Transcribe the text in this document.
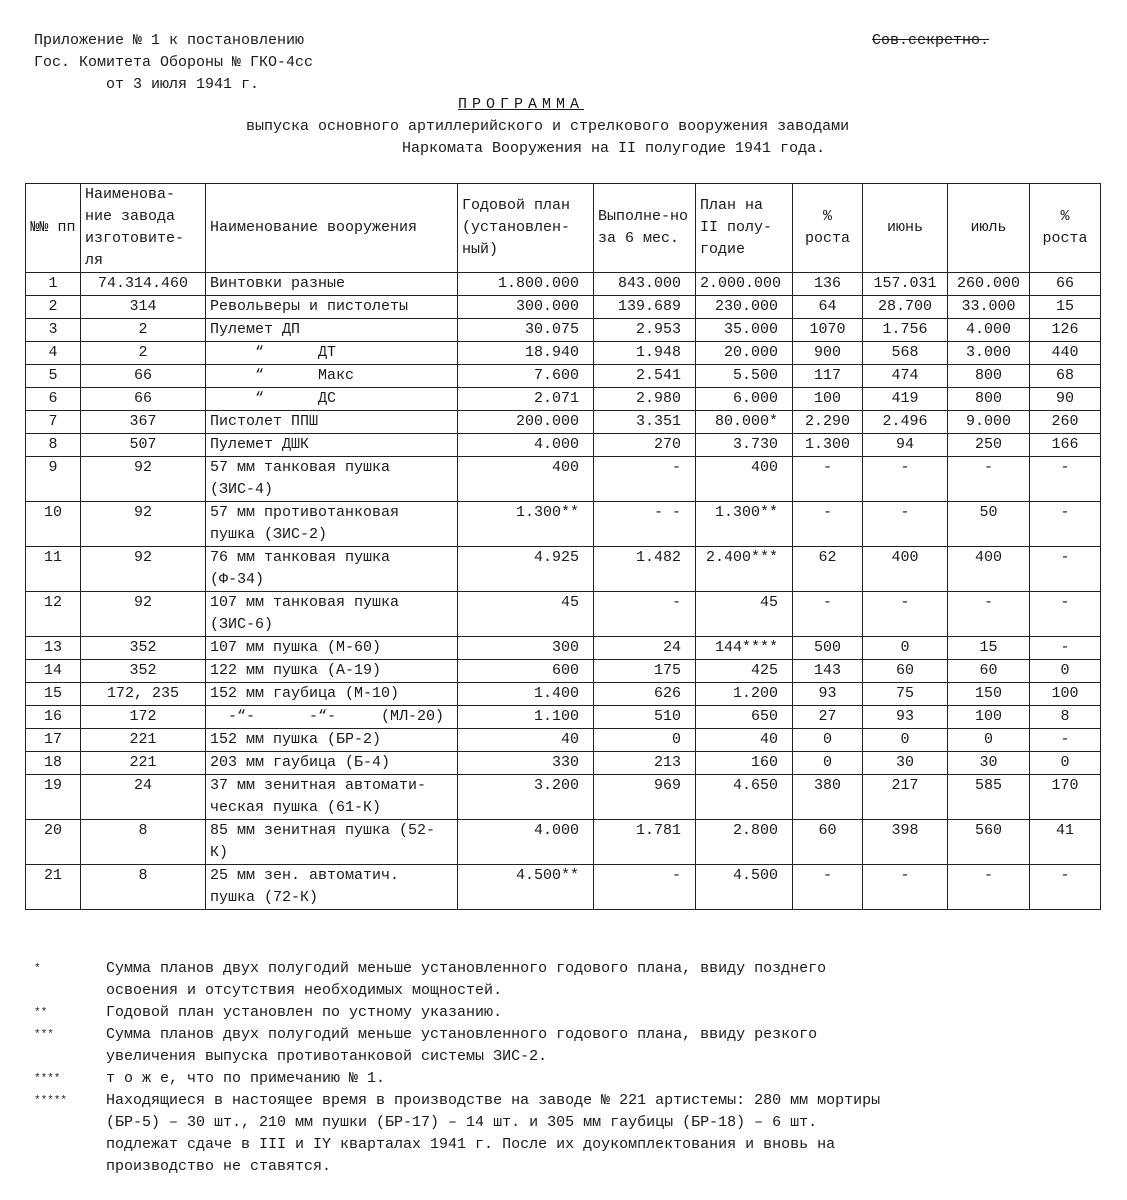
Приложение № 1 к постановлению
Гос. Комитета Обороны № ГКО-4сс
от 3 июля 1941 г.
Сов.секретно.
ПРОГРАММА
выпуска основного артиллерийского и стрелкового вооружения заводами
Наркомата Вооружения на II полугодие 1941 года.
№№ пп	Наименова-ние завода изготовите-ля	Наименование вооружения	Годовой план (установлен-ный)	Выполне-но за 6 мес.	План на II полу-годие	% роста	июнь	июль	% роста
1	74.314.460	Винтовки разные	1.800.000	843.000	2.000.000	136	157.031	260.000	66
2	314	Револьверы и пистолеты	300.000	139.689	230.000	64	28.700	33.000	15
3	2	Пулемет ДП	30.075	2.953	35.000	1070	1.756	4.000	126
4	2	“      ДТ	18.940	1.948	20.000	900	568	3.000	440
5	66	“      Макс	7.600	2.541	5.500	117	474	800	68
6	66	“      ДС	2.071	2.980	6.000	100	419	800	90
7	367	Пистолет ППШ	200.000	3.351	80.000*	2.290	2.496	9.000	260
8	507	Пулемет ДШК	4.000	270	3.730	1.300	94	250	166
9	92	57 мм танковая пушка (ЗИС-4)	400	-	400	-	-	-	-
10	92	57 мм противотанковая пушка (ЗИС-2)	1.300**	- -	1.300**	-	-	50	-
11	92	76 мм танковая пушка (Ф-34)	4.925	1.482	2.400***	62	400	400	-
12	92	107 мм танковая пушка (ЗИС-6)	45	-	45	-	-	-	-
13	352	107 мм пушка (М-60)	300	24	144****	500	0	15	-
14	352	122 мм пушка (А-19)	600	175	425	143	60	60	0
15	172, 235	152 мм гаубица (М-10)	1.400	626	1.200	93	75	150	100
16	172	-“-      -“-     (МЛ-20)	1.100	510	650	27	93	100	8
17	221	152 мм пушка (БР-2)	40	0	40	0	0	0	-
18	221	203 мм гаубица (Б-4)	330	213	160	0	30	30	0
19	24	37 мм зенитная автомати-ческая пушка (61-К)	3.200	969	4.650	380	217	585	170
20	8	85 мм зенитная пушка (52-К)	4.000	1.781	2.800	60	398	560	41
21	8	25 мм зен. автоматич. пушка (72-К)	4.500**	-	4.500	-	-	-	-
*	Сумма планов двух полугодий меньше установленного годового плана, ввиду позднего освоения и отсутствия необходимых мощностей.
**	Годовой план установлен по устному указанию.
***	Сумма планов двух полугодий меньше установленного годового плана, ввиду резкого увеличения выпуска противотанковой системы ЗИС-2.
****	т о ж е, что по примечанию № 1.
*****	Находящиеся в настоящее время в производстве на заводе № 221 артистемы: 280 мм мортиры (БР-5) – 30 шт., 210 мм пушки (БР-17) – 14 шт. и 305 мм гаубицы (БР-18) – 6 шт. подлежат сдаче в III и IY кварталах 1941 г. После их доукомплектования и вновь на производство не ставятся.
